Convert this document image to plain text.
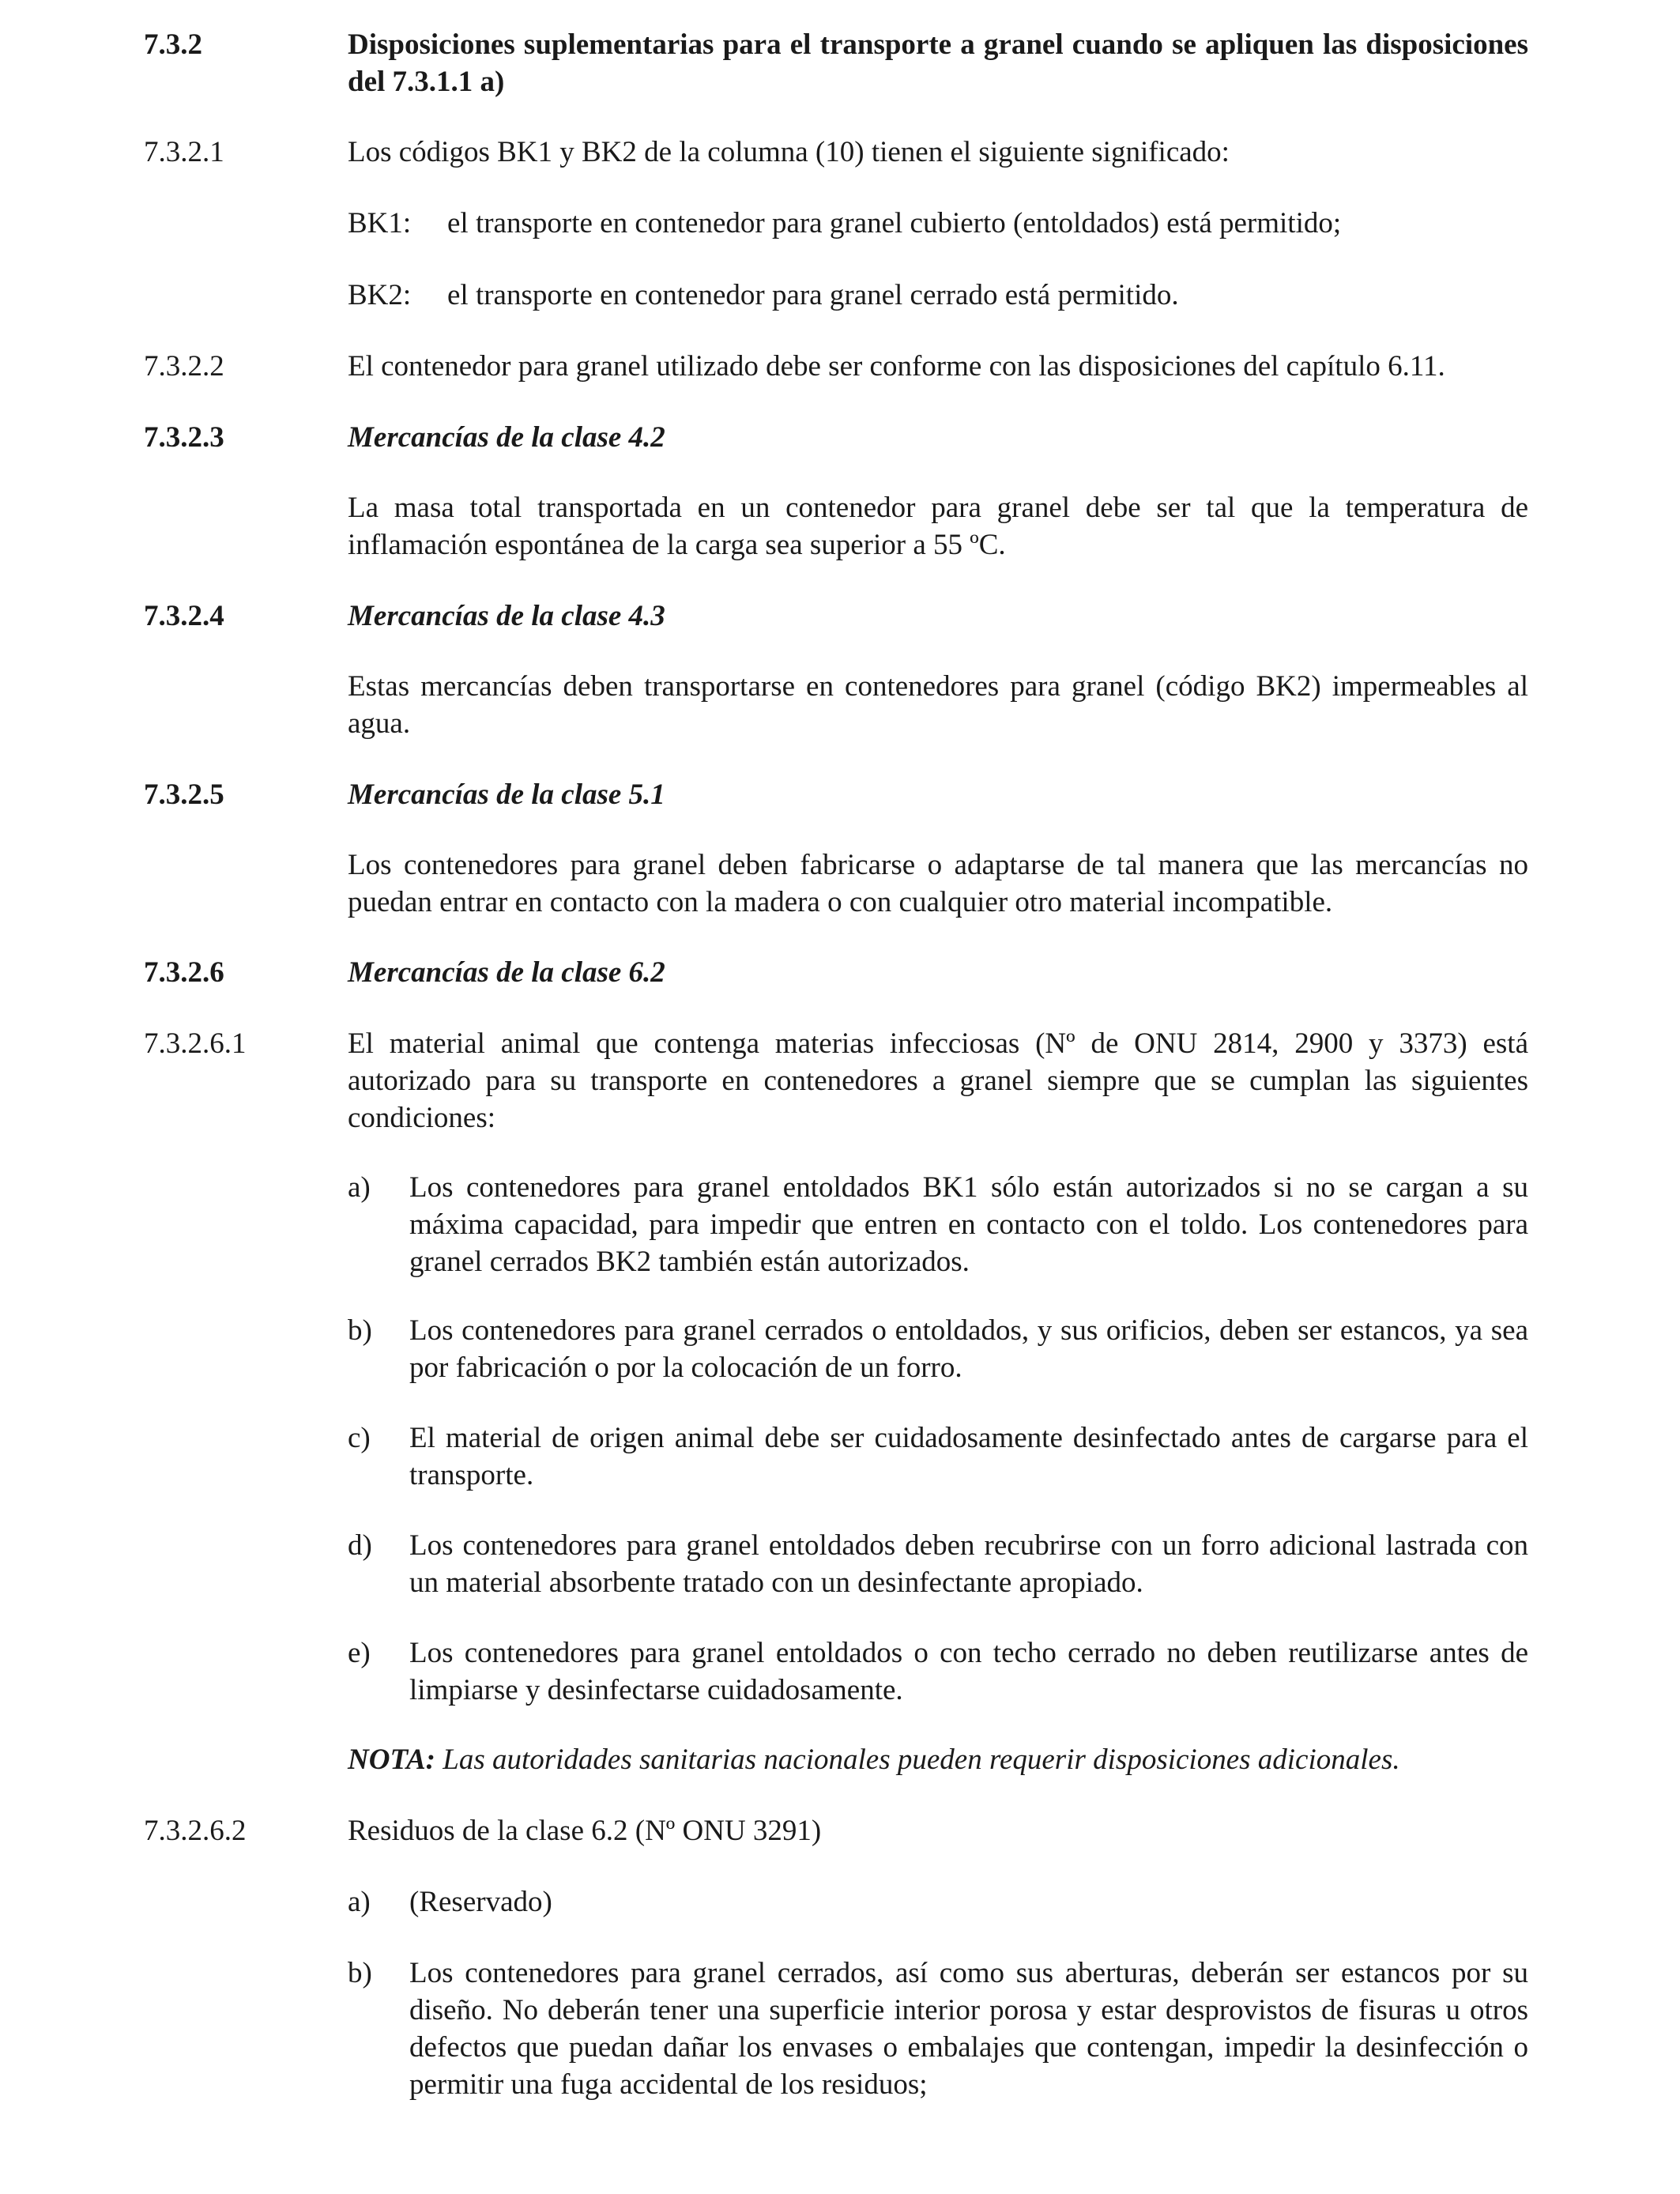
7.3.2	Disposiciones suplementarias para el transporte a granel cuando se apliquen las disposiciones del 7.3.1.1 a)
7.3.2.1	Los códigos BK1 y BK2 de la columna (10) tienen el siguiente significado:
BK1: el transporte en contenedor para granel cubierto (entoldados) está permitido;
BK2: el transporte en contenedor para granel cerrado está permitido.
7.3.2.2	El contenedor para granel utilizado debe ser conforme con las disposiciones del capítulo 6.11.
7.3.2.3	Mercancías de la clase 4.2
La masa total transportada en un contenedor para granel debe ser tal que la temperatura de inflamación espontánea de la carga sea superior a 55 ºC.
7.3.2.4	Mercancías de la clase 4.3
Estas mercancías deben transportarse en contenedores para granel (código BK2) impermeables al agua.
7.3.2.5	Mercancías de la clase 5.1
Los contenedores para granel deben fabricarse o adaptarse de tal manera que las mercancías no puedan entrar en contacto con la madera o con cualquier otro material incompatible.
7.3.2.6	Mercancías de la clase 6.2
7.3.2.6.1	El material animal que contenga materias infecciosas (Nº de ONU 2814, 2900 y 3373) está autorizado para su transporte en contenedores a granel siempre que se cumplan las siguientes condiciones:
a) Los contenedores para granel entoldados BK1 sólo están autorizados si no se cargan a su máxima capacidad, para impedir que entren en contacto con el toldo. Los contenedores para granel cerrados BK2 también están autorizados.
b) Los contenedores para granel cerrados o entoldados, y sus orificios, deben ser estancos, ya sea por fabricación o por la colocación de un forro.
c) El material de origen animal debe ser cuidadosamente desinfectado antes de cargarse para el transporte.
d) Los contenedores para granel entoldados deben recubrirse con un forro adicional lastrada con un material absorbente tratado con un desinfectante apropiado.
e) Los contenedores para granel entoldados o con techo cerrado no deben reutilizarse antes de limpiarse y desinfectarse cuidadosamente.
NOTA: Las autoridades sanitarias nacionales pueden requerir disposiciones adicionales.
7.3.2.6.2	Residuos de la clase 6.2 (Nº ONU 3291)
a) (Reservado)
b) Los contenedores para granel cerrados, así como sus aberturas, deberán ser estancos por su diseño. No deberán tener una superficie interior porosa y estar desprovistos de fisuras u otros defectos que puedan dañar los envases o embalajes que contengan, impedir la desinfección o permitir una fuga accidental de los residuos;
